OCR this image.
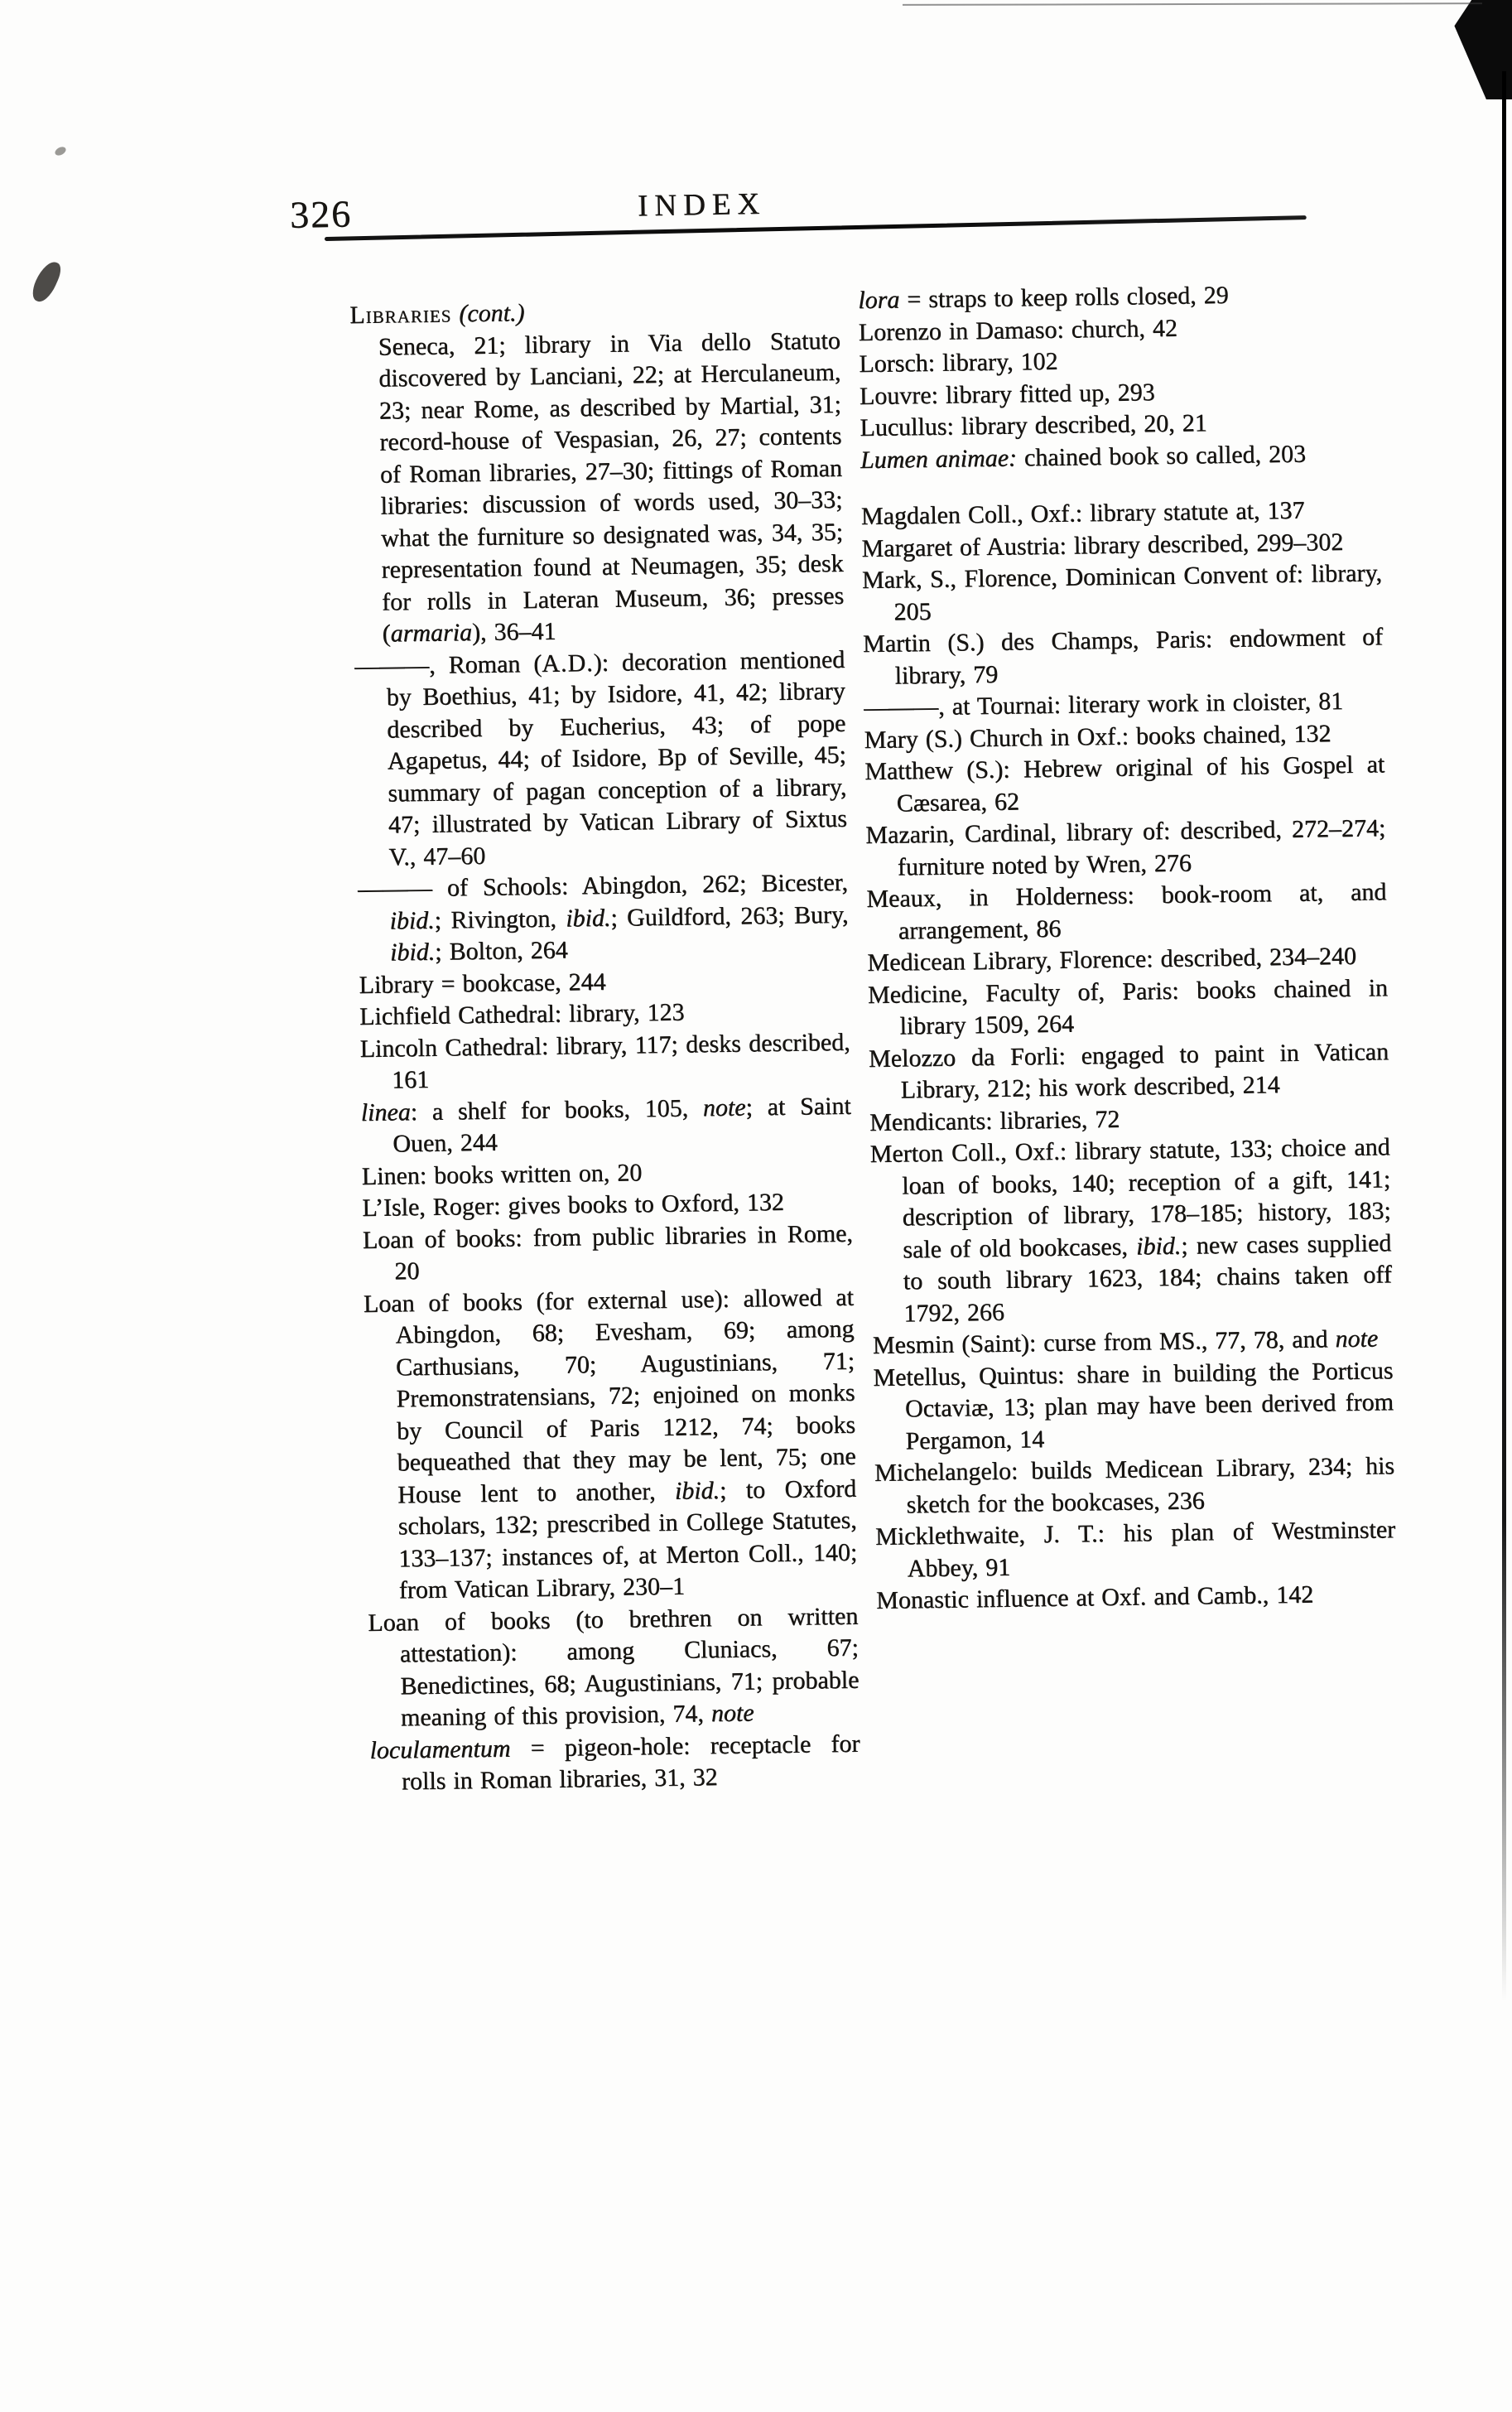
326	INDEX

Libraries (cont.)

Seneca, 21; library in Via dello Statuto discovered by Lanciani, 22; at Herculaneum, 23; near Rome, as described by Martial, 31; record-house of Vespasian, 26, 27; contents of Roman libraries, 27–30; fittings of Roman libraries: discussion of words used, 30–33; what the furniture so designated was, 34, 35; representation found at Neumagen, 35; desk for rolls in Lateran Museum, 36; presses (armaria), 36–41

———, Roman (A.D.): decoration mentioned by Boethius, 41; by Isidore, 41, 42; library described by Eucherius, 43; of pope Agapetus, 44; of Isidore, Bp of Seville, 45; summary of pagan conception of a library, 47; illustrated by Vatican Library of Sixtus V., 47–60

——— of Schools: Abingdon, 262; Bicester, ibid.; Rivington, ibid.; Guildford, 263; Bury, ibid.; Bolton, 264

Library = bookcase, 244

Lichfield Cathedral: library, 123

Lincoln Cathedral: library, 117; desks described, 161

linea: a shelf for books, 105, note; at Saint Ouen, 244

Linen: books written on, 20

L’Isle, Roger: gives books to Oxford, 132

Loan of books: from public libraries in Rome, 20

Loan of books (for external use): allowed at Abingdon, 68; Evesham, 69; among Carthusians, 70; Augustinians, 71; Premonstratensians, 72; enjoined on monks by Council of Paris 1212, 74; books bequeathed that they may be lent, 75; one House lent to another, ibid.; to Oxford scholars, 132; prescribed in College Statutes, 133–137; instances of, at Merton Coll., 140; from Vatican Library, 230–1

Loan of books (to brethren on written attestation): among Cluniacs, 67; Benedictines, 68; Augustinians, 71; probable meaning of this provision, 74, note

loculamentum = pigeon-hole: receptacle for rolls in Roman libraries, 31, 32

lora = straps to keep rolls closed, 29

Lorenzo in Damaso: church, 42

Lorsch: library, 102

Louvre: library fitted up, 293

Lucullus: library described, 20, 21

Lumen animae: chained book so called, 203

Magdalen Coll., Oxf.: library statute at, 137

Margaret of Austria: library described, 299–302

Mark, S., Florence, Dominican Convent of: library, 205

Martin (S.) des Champs, Paris: endowment of library, 79

———, at Tournai: literary work in cloister, 81

Mary (S.) Church in Oxf.: books chained, 132

Matthew (S.): Hebrew original of his Gospel at Cæsarea, 62

Mazarin, Cardinal, library of: described, 272–274; furniture noted by Wren, 276

Meaux, in Holderness: book-room at, and arrangement, 86

Medicean Library, Florence: described, 234–240

Medicine, Faculty of, Paris: books chained in library 1509, 264

Melozzo da Forli: engaged to paint in Vatican Library, 212; his work described, 214

Mendicants: libraries, 72

Merton Coll., Oxf.: library statute, 133; choice and loan of books, 140; reception of a gift, 141; description of library, 178–185; history, 183; sale of old bookcases, ibid.; new cases supplied to south library 1623, 184; chains taken off 1792, 266

Mesmin (Saint): curse from MS., 77, 78, and note

Metellus, Quintus: share in building the Porticus Octaviæ, 13; plan may have been derived from Pergamon, 14

Michelangelo: builds Medicean Library, 234; his sketch for the bookcases, 236

Micklethwaite, J. T.: his plan of Westminster Abbey, 91

Monastic influence at Oxf. and Camb., 142
